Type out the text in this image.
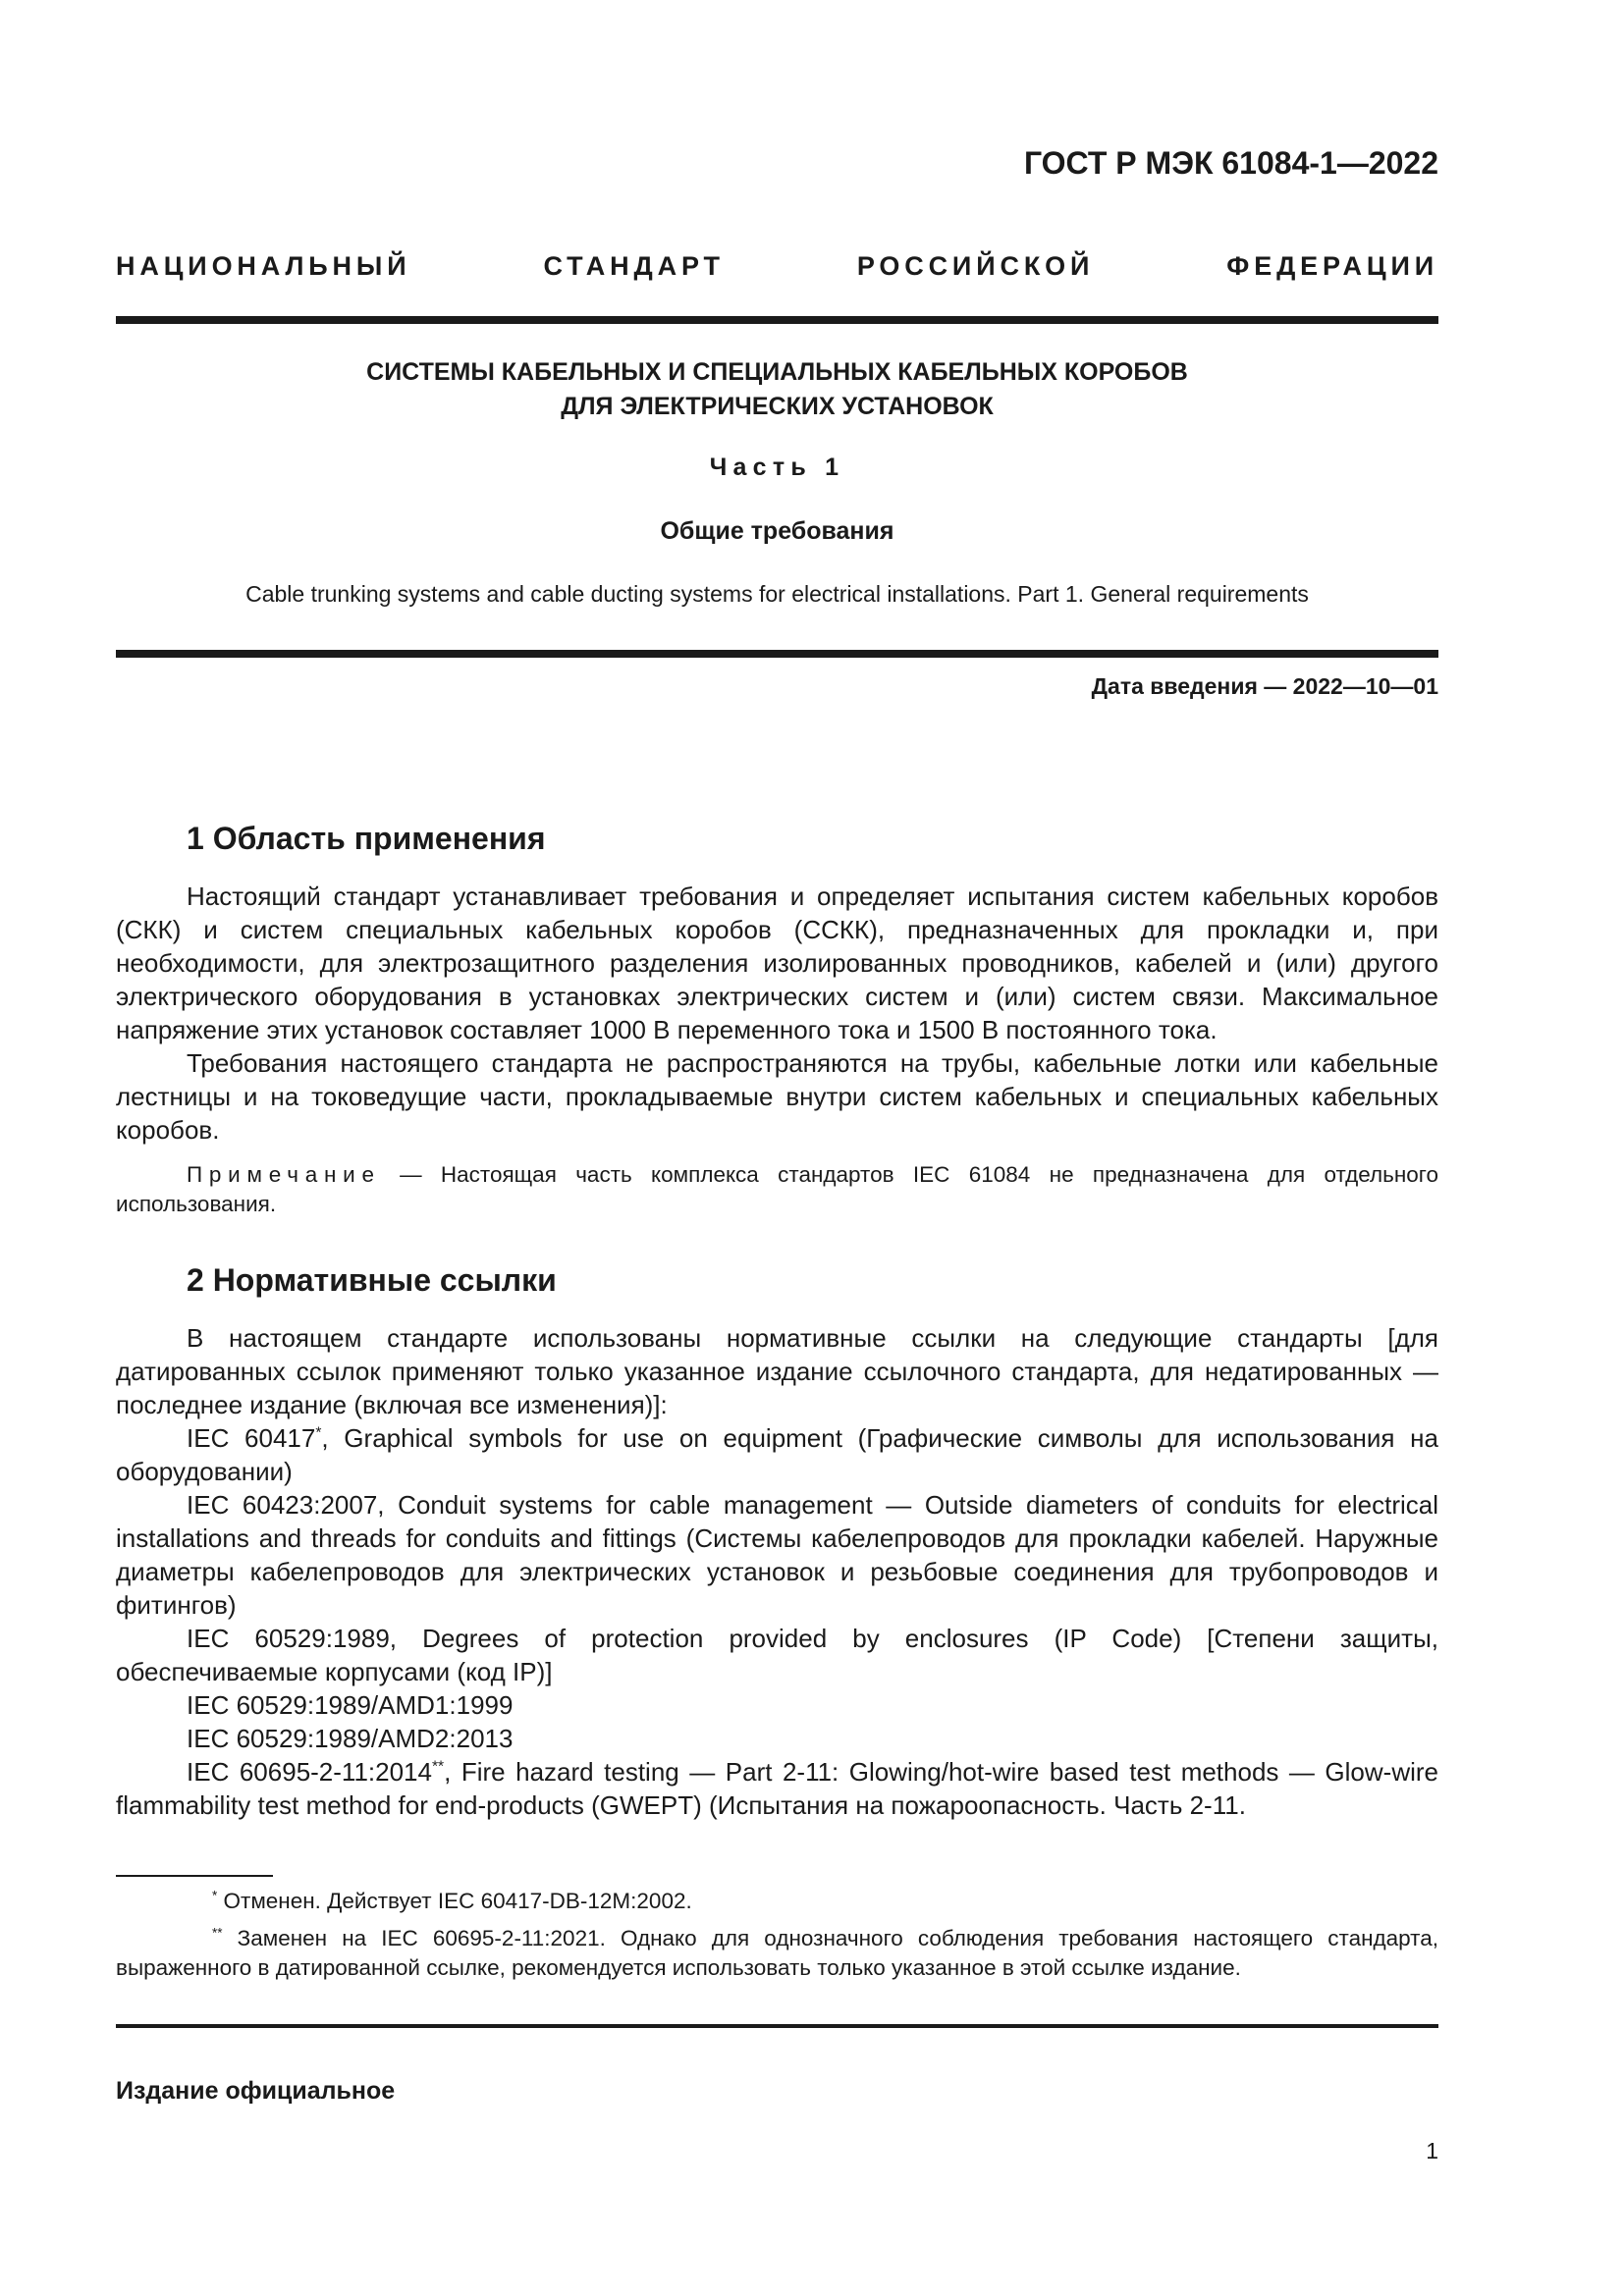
ГОСТ Р МЭК 61084-1—2022
НАЦИОНАЛЬНЫЙ СТАНДАРТ РОССИЙСКОЙ ФЕДЕРАЦИИ
СИСТЕМЫ КАБЕЛЬНЫХ И СПЕЦИАЛЬНЫХ КАБЕЛЬНЫХ КОРОБОВ
ДЛЯ ЭЛЕКТРИЧЕСКИХ УСТАНОВОК
Часть 1
Общие требования
Cable trunking systems and cable ducting systems for electrical installations. Part 1. General requirements
Дата введения — 2022—10—01
1 Область применения

Настоящий стандарт устанавливает требования и определяет испытания систем кабельных коробов (СКК) и систем специальных кабельных коробов (ССКК), предназначенных для прокладки и, при необходимости, для электрозащитного разделения изолированных проводников, кабелей и (или) другого электрического оборудования в установках электрических систем и (или) систем связи. Максимальное напряжение этих установок составляет 1000 В переменного тока и 1500 В постоянного тока.

Требования настоящего стандарта не распространяются на трубы, кабельные лотки или кабельные лестницы и на токоведущие части, прокладываемые внутри систем кабельных и специальных кабельных коробов.

Примечание — Настоящая часть комплекса стандартов IEC 61084 не предназначена для отдельного использования.

2 Нормативные ссылки

В настоящем стандарте использованы нормативные ссылки на следующие стандарты [для датированных ссылок применяют только указанное издание ссылочного стандарта, для недатированных — последнее издание (включая все изменения)]:

IEC 60417*, Graphical symbols for use on equipment (Графические символы для использования на оборудовании)

IEC 60423:2007, Conduit systems for cable management — Outside diameters of conduits for electrical installations and threads for conduits and fittings (Системы кабелепроводов для прокладки кабелей. Наружные диаметры кабелепроводов для электрических установок и резьбовые соединения для трубопроводов и фитингов)

IEC 60529:1989, Degrees of protection provided by enclosures (IP Code) [Степени защиты, обеспечиваемые корпусами (код IP)]

IEC 60529:1989/AMD1:1999

IEC 60529:1989/AMD2:2013

IEC 60695-2-11:2014**, Fire hazard testing — Part 2-11: Glowing/hot-wire based test methods — Glow-wire flammability test method for end-products (GWEPT) (Испытания на пожароопасность. Часть 2-11.

* Отменен. Действует IEC 60417-DB-12M:2002.

** Заменен на IEC 60695-2-11:2021. Однако для однозначного соблюдения требования настоящего стандарта, выраженного в датированной ссылке, рекомендуется использовать только указанное в этой ссылке издание.

Издание официальное
1
